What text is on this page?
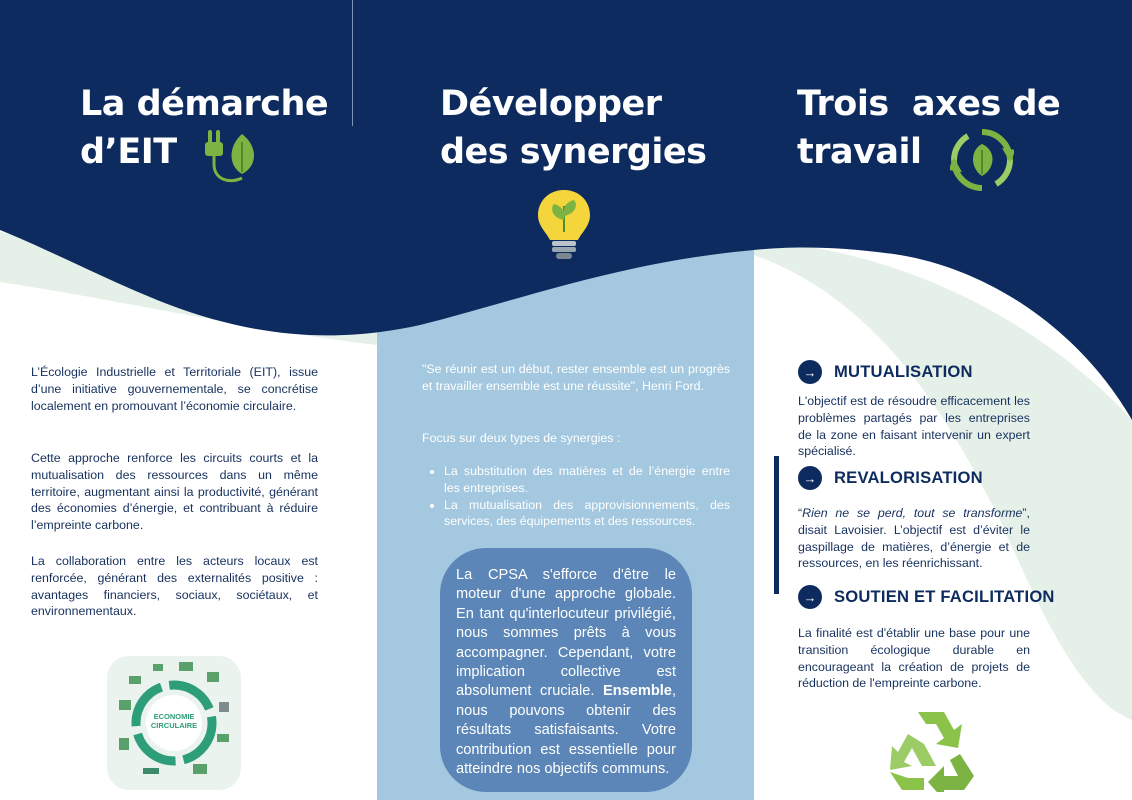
La démarche
d’EIT
Développer
des synergies
Trois  axes de
travail

L’Écologie Industrielle et Territoriale (EIT), issue d’une initiative gouvernementale, se concrétise localement en promouvant l’économie circulaire.

Cette approche renforce les circuits courts et la mutualisation des ressources dans un même territoire, augmentant ainsi la productivité, générant des économies d’énergie, et contribuant à réduire l’empreinte carbone.

La collaboration entre les acteurs locaux est renforcée, générant des externalités positive : avantages financiers, sociaux, sociétaux, et environnementaux.

ECONOMIE
CIRCULAIRE

"Se réunir est un début, rester ensemble est un progrès et travailler ensemble est une réussite", Henri Ford.

Focus sur deux types de synergies :

• La substitution des matières et de l’énergie entre les entreprises.
• La mutualisation des approvisionnements, des services, des équipements et des ressources.

La CPSA s'efforce d'être le moteur d'une approche globale. En tant qu'interlocuteur privilégié, nous sommes prêts à vous accompagner. Cependant, votre implication collective est absolument cruciale. Ensemble, nous pouvons obtenir des résultats satisfaisants. Votre contribution est essentielle pour atteindre nos objectifs communs.

→	MUTUALISATION

L'objectif est de résoudre efficacement les problèmes partagés par les entreprises de la zone en faisant intervenir un expert spécialisé.

→	REVALORISATION

“Rien ne se perd, tout se transforme”, disait Lavoisier. L’objectif est d’éviter le gaspillage de matières, d’énergie et de ressources, en les réenrichissant.

→	SOUTIEN ET FACILITATION

La finalité est d'établir une base pour une transition écologique durable en encourageant la création de projets de réduction de l'empreinte carbone.
